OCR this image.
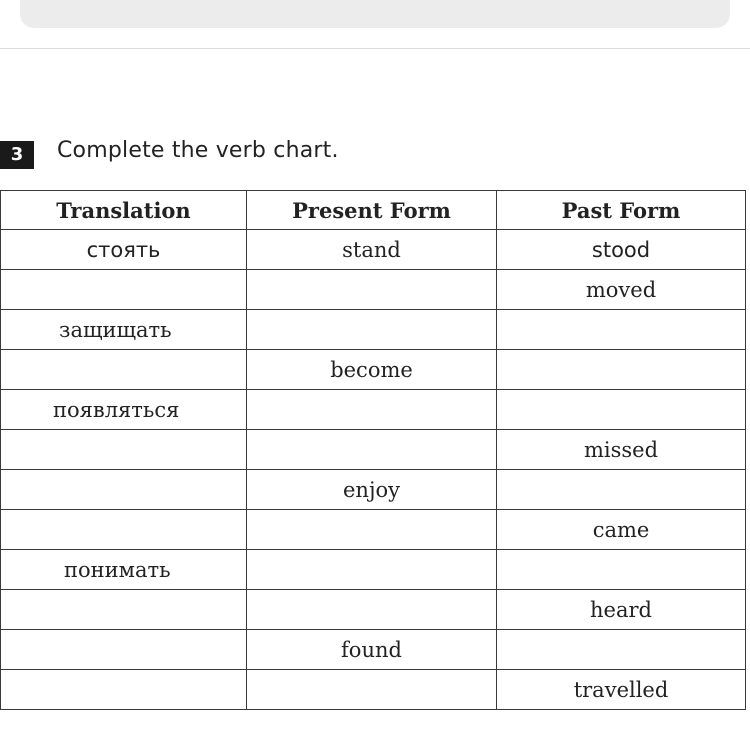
3	Complete the verb chart.
Translation	Present Form	Past Form
стоять	stand	stood
		moved
защищать		
	become	
появляться		
		missed
	enjoy	
		came
понимать		
		heard
	found	
		travelled
